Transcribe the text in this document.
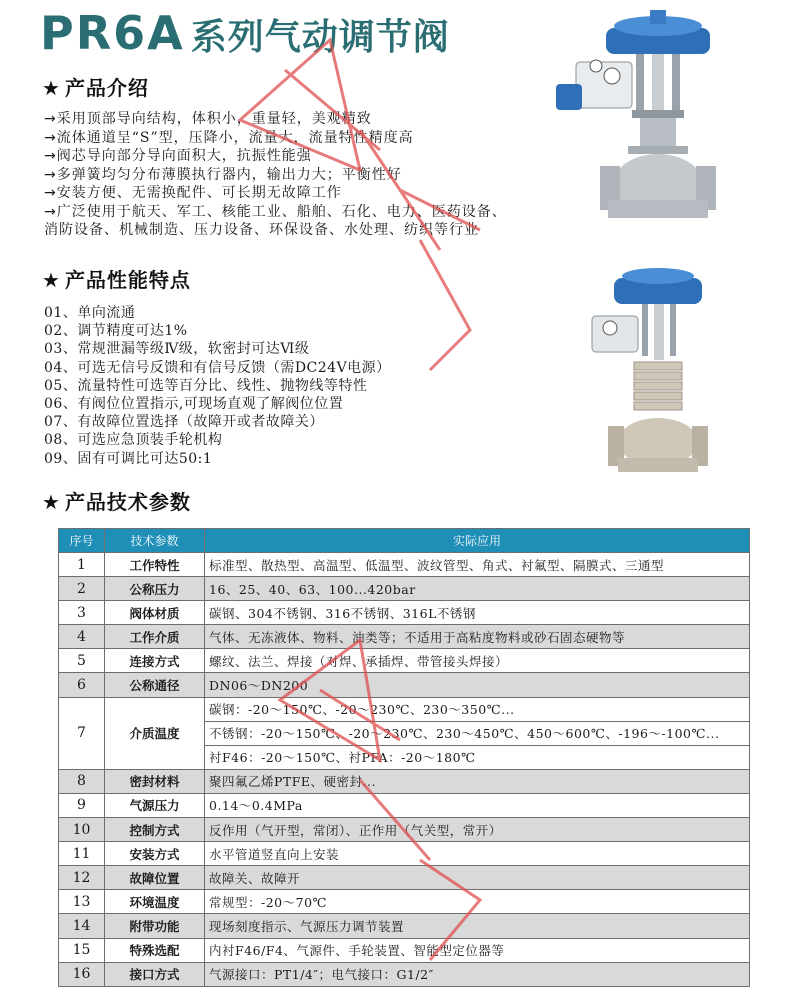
PR6A 系列气动调节阀
★ 产品介绍
→采用顶部导向结构，体积小，重量轻，美观精致
→流体通道呈“S”型，压降小，流量大，流量特性精度高
→阀芯导向部分导向面积大，抗振性能强
→多弹簧均匀分布薄膜执行器内，输出力大；平衡性好
→安装方便、无需换配件、可长期无故障工作
→广泛使用于航天、军工、核能工业、船舶、石化、电力、医药设备、
消防设备、机械制造、压力设备、环保设备、水处理、纺织等行业
★ 产品性能特点
01、单向流通
02、调节精度可达1%
03、常规泄漏等级Ⅳ级，软密封可达Ⅵ级
04、可选无信号反馈和有信号反馈（需DC24V电源）
05、流量特性可选等百分比、线性、抛物线等特性
06、有阀位位置指示,可现场直观了解阀位位置
07、有故障位置选择（故障开或者故障关）
08、可选应急顶装手轮机构
09、固有可调比可达50:1
★ 产品技术参数
序号	技术参数	实际应用
1	工作特性	标准型、散热型、高温型、低温型、波纹管型、角式、衬氟型、隔膜式、三通型
2	公称压力	16、25、40、63、100...420bar
3	阀体材质	碳钢、304不锈钢、316不锈钢、316L不锈钢
4	工作介质	气体、无冻液体、物料、油类等；不适用于高粘度物料或砂石固态硬物等
5	连接方式	螺纹、法兰、焊接（对焊、承插焊、带管接头焊接）
6	公称通径	DN06～DN200
7	介质温度	碳钢：-20～150℃、-20～230℃、230～350℃...
		不锈钢：-20～150℃、-20～230℃、230～450℃、450～600℃、-196～-100℃...
		衬F46：-20～150℃、衬PFA：-20～180℃
8	密封材料	聚四氟乙烯PTFE、硬密封...
9	气源压力	0.14～0.4MPa
10	控制方式	反作用（气开型，常闭）、正作用（气关型，常开）
11	安装方式	水平管道竖直向上安装
12	故障位置	故障关、故障开
13	环境温度	常规型：-20～70℃
14	附带功能	现场刻度指示、气源压力调节装置
15	特殊选配	内衬F46/F4、气源件、手轮装置、智能型定位器等
16	接口方式	气源接口：PT1/4″；电气接口：G1/2″
